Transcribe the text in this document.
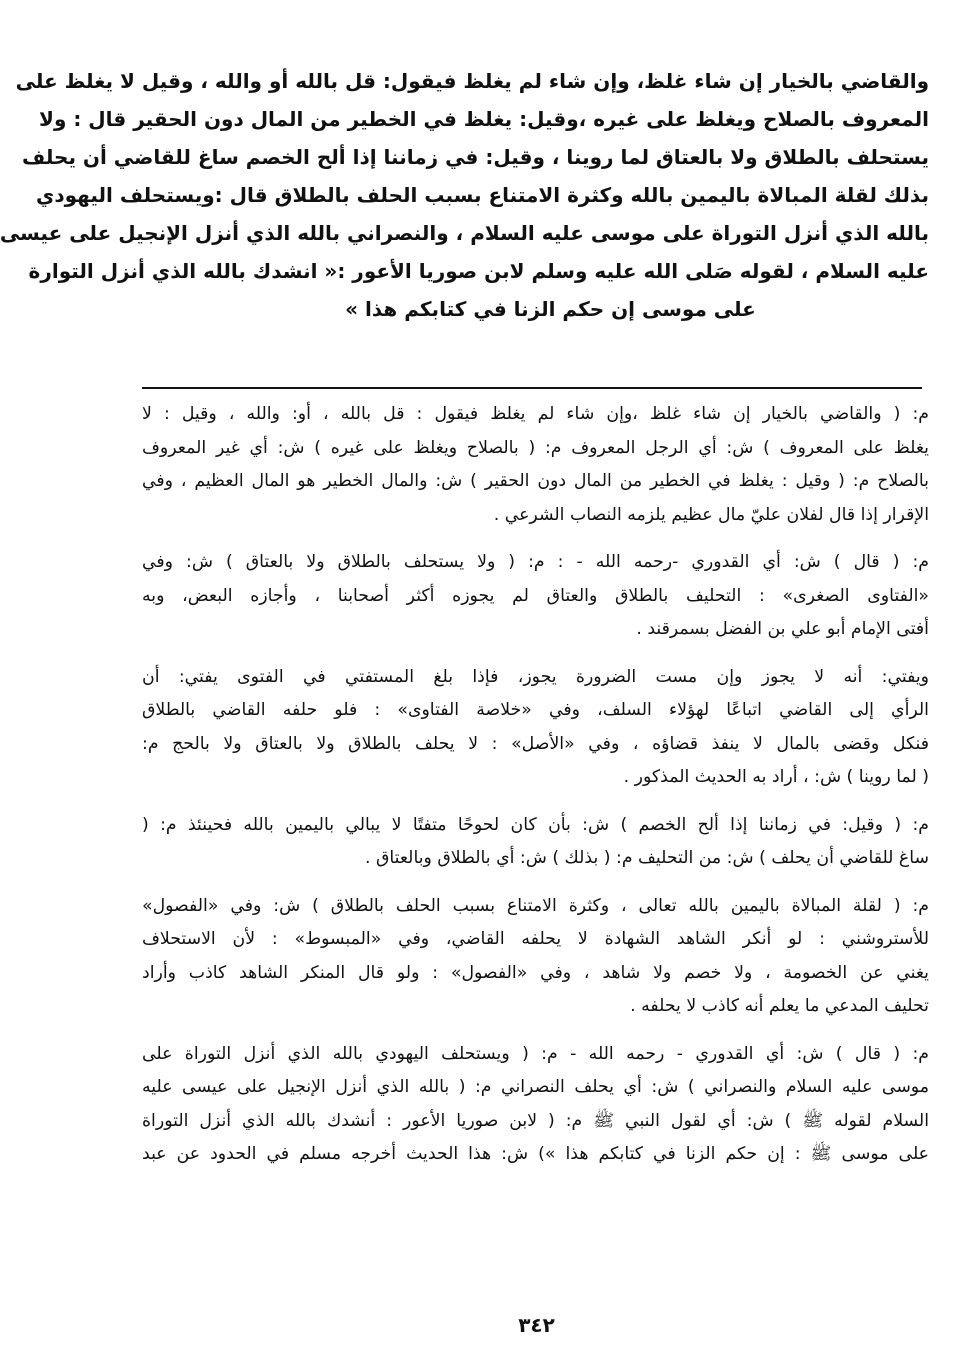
والقاضي بالخيار إن شاء غلظ، وإن شاء لم يغلظ فيقول: قل بالله أو والله ، وقيل لا يغلظ على
المعروف بالصلاح ويغلظ على غيره ،وقيل: يغلظ في الخطير من المال دون الحقير قال : ولا
يستحلف بالطلاق ولا بالعتاق لما روينا ، وقيل: في زماننا إذا ألح الخصم ساغ للقاضي أن يحلف
بذلك لقلة المبالاة باليمين بالله وكثرة الامتناع بسبب الحلف بالطلاق قال :ويستحلف اليهودي
بالله الذي أنزل التوراة على موسى عليه السلام ، والنصراني بالله الذي أنزل الإنجيل على عيسى
عليه السلام ، لقوله صَلى الله عليه وسلم لابن صوريا الأعور :« انشدك بالله الذي أنزل التوارة
على موسى إن حكم الزنا في كتابكم هذا »
م: ( والقاضي بالخيار إن شاء غلظ ،وإن شاء لم يغلظ فيقول : قل بالله ، أو: والله ، وقيل : لا
يغلظ على المعروف ) ش: أي الرجل المعروف م: ( بالصلاح ويغلظ على غيره ) ش: أي غير المعروف
بالصلاح م: ( وقيل : يغلظ في الخطير من المال دون الحقير ) ش: والمال الخطير هو المال العظيم ، وفي
الإقرار إذا قال لفلان عليّ مال عظيم يلزمه النصاب الشرعي .
م: ( قال ) ش: أي القدوري -رحمه الله - : م: ( ولا يستحلف بالطلاق ولا بالعتاق ) ش: وفي
«الفتاوى الصغرى» : التحليف بالطلاق والعتاق لم يجوزه أكثر أصحابنا ، وأجازه البعض، وبه
أفتى الإمام أبو علي بن الفضل بسمرقند .
ويفتي: أنه لا يجوز وإن مست الضرورة يجوز، فإذا بلغ المستفتي في الفتوى يفتي: أن
الرأي إلى القاضي اتباعًا لهؤلاء السلف، وفي «خلاصة الفتاوى» : فلو حلفه القاضي بالطلاق
فنكل وقضى بالمال لا ينفذ قضاؤه ، وفي «الأصل» : لا يحلف بالطلاق ولا بالعتاق ولا بالحج م:
( لما روينا ) ش: ، أراد به الحديث المذكور .
م: ( وقيل: في زماننا إذا ألح الخصم ) ش: بأن كان لحوحًا متفتًا لا يبالي باليمين بالله فحينئذ م: (
ساغ للقاضي أن يحلف ) ش: من التحليف م: ( بذلك ) ش: أي بالطلاق وبالعتاق .
م: ( لقلة المبالاة باليمين بالله تعالى ، وكثرة الامتناع بسبب الحلف بالطلاق ) ش: وفي «الفصول»
للأستروشني : لو أنكر الشاهد الشهادة لا يحلفه القاضي، وفي «المبسوط» : لأن الاستحلاف
يغني عن الخصومة ، ولا خصم ولا شاهد ، وفي «الفصول» : ولو قال المنكر الشاهد كاذب وأراد
تحليف المدعي ما يعلم أنه كاذب لا يحلفه .
م: ( قال ) ش: أي القدوري - رحمه الله - م: ( ويستحلف اليهودي بالله الذي أنزل التوراة على
موسى عليه السلام والنصراني ) ش: أي يحلف النصراني م: ( بالله الذي أنزل الإنجيل على عيسى عليه
السلام لقوله ﷺ ) ش: أي لقول النبي ﷺ م: ( لابن صوريا الأعور : أنشدك بالله الذي أنزل التوراة
على موسى ﷺ : إن حكم الزنا في كتابكم هذا ») ش: هذا الحديث أخرجه مسلم في الحدود عن عبد
٣٤٢
